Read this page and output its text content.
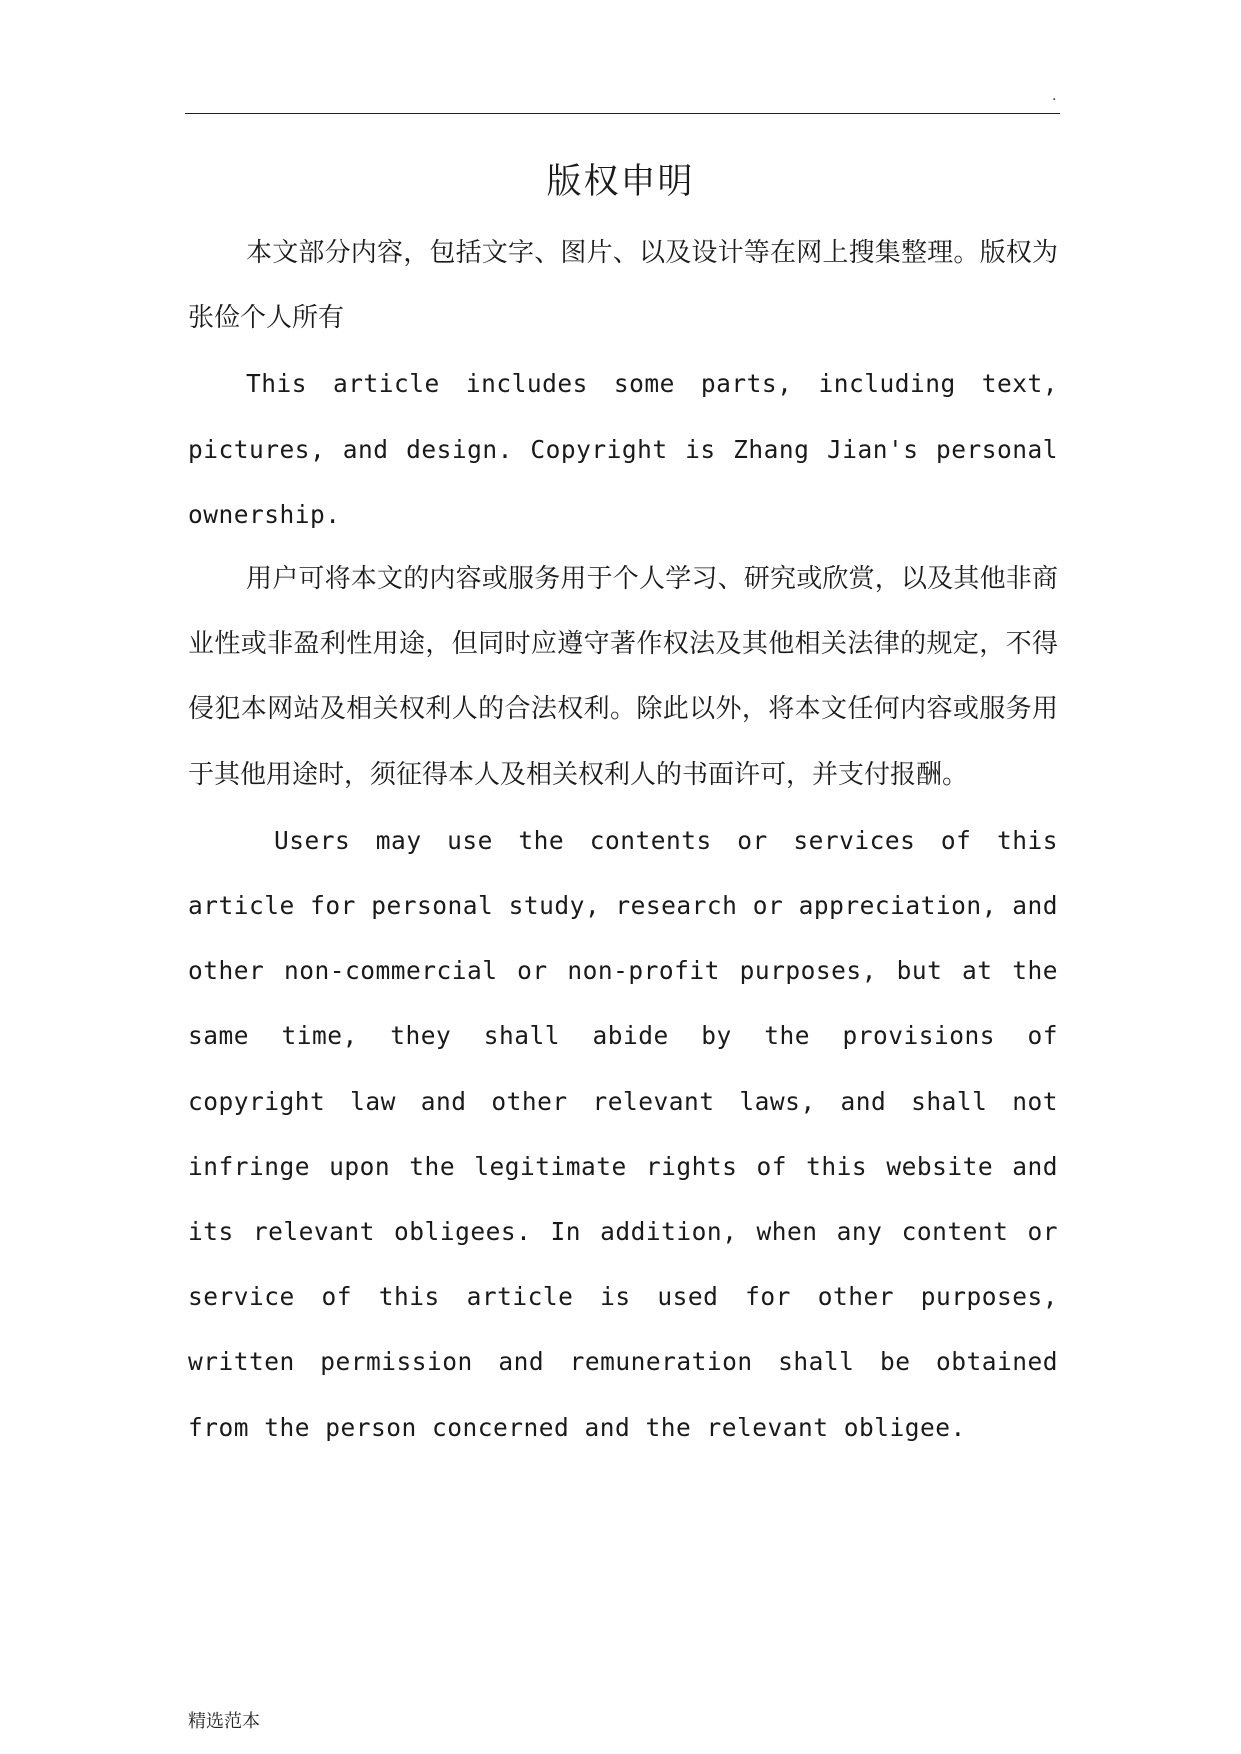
.
版权申明

本文部分内容，包括文字、图片、以及设计等在网上搜集整理。版权为张俭个人所有

This article includes some parts, including text, pictures, and design. Copyright is Zhang Jian's personal ownership.

用户可将本文的内容或服务用于个人学习、研究或欣赏，以及其他非商业性或非盈利性用途，但同时应遵守著作权法及其他相关法律的规定，不得侵犯本网站及相关权利人的合法权利。除此以外，将本文任何内容或服务用于其他用途时，须征得本人及相关权利人的书面许可，并支付报酬。

Users may use the contents or services of this article for personal study, research or appreciation, and other non-commercial or non-profit purposes, but at the same time, they shall abide by the provisions of copyright law and other relevant laws, and shall not infringe upon the legitimate rights of this website and its relevant obligees. In addition, when any content or service of this article is used for other purposes, written permission and remuneration shall be obtained from the person concerned and the relevant obligee.

精选范本
